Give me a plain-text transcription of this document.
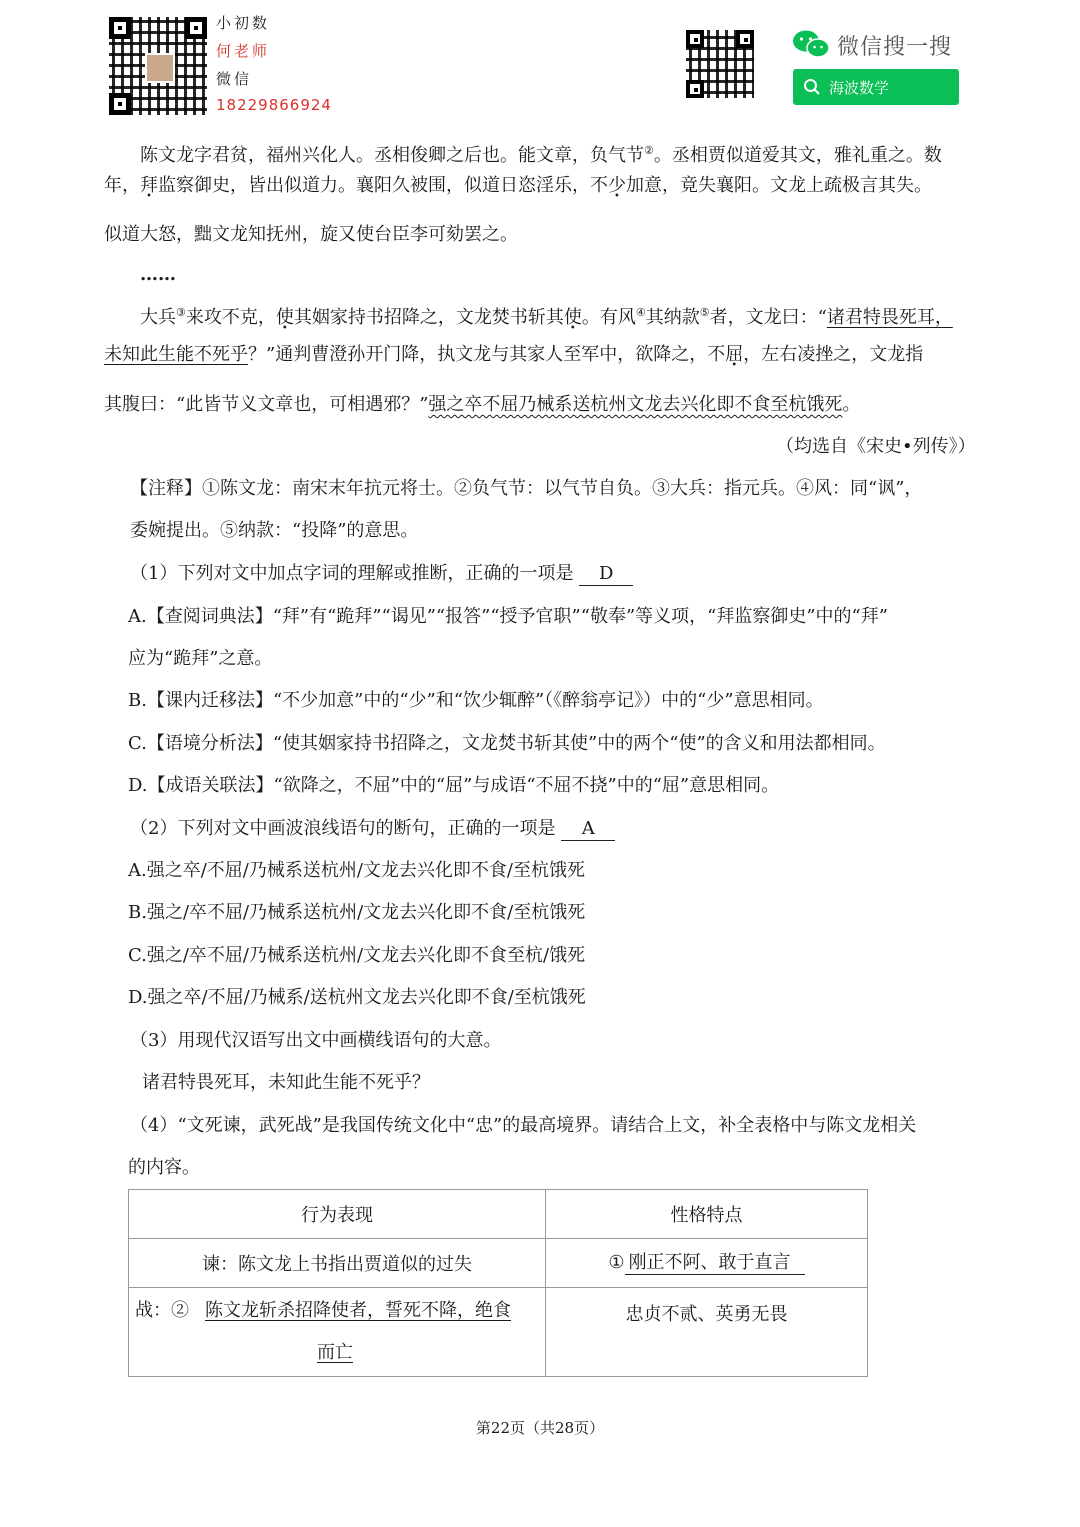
小初数
何老师
微信
18229866924
微信搜一搜
海波数学
陈文龙字君贫，福州兴化人。丞相俊卿之后也。能文章，负气节②。丞相贾似道爱其文，雅礼重之。数
年，拜监察御史，皆出似道力。襄阳久被围，似道日恣淫乐，不少加意，竟失襄阳。文龙上疏极言其失。
似道大怒，黜文龙知抚州，旋又使台臣李可劾罢之。
……
大兵③来攻不克，使其姻家持书招降之，文龙焚书斩其使。有风④其纳款⑤者，文龙曰：“诸君特畏死耳，
未知此生能不死乎？”通判曹澄孙开门降，执文龙与其家人至军中，欲降之，不屈，左右凌挫之，文龙指
其腹曰：“此皆节义文章也，可相遇邪？”强之卒不屈乃械系送杭州文龙去兴化即不食至杭饿死。
（均选自《宋史•列传》）
【注释】①陈文龙：南宋末年抗元将士。②负气节：以气节自负。③大兵：指元兵。④风：同“讽”，
委婉提出。⑤纳款：“投降”的意思。
（1）下列对文中加点字词的理解或推断，正确的一项是 D
A.【查阅词典法】“拜”有“跪拜”“谒见”“报答”“授予官职”“敬奉”等义项，“拜监察御史”中的“拜”
应为“跪拜”之意。
B.【课内迁移法】“不少加意”中的“少”和“饮少辄醉”（《醉翁亭记》）中的“少”意思相同。
C.【语境分析法】“使其姻家持书招降之，文龙焚书斩其使”中的两个“使”的含义和用法都相同。
D.【成语关联法】“欲降之，不屈”中的“屈”与成语“不屈不挠”中的“屈”意思相同。
（2）下列对文中画波浪线语句的断句，正确的一项是 A
A.强之卒/不屈/乃械系送杭州/文龙去兴化即不食/至杭饿死
B.强之/卒不屈/乃械系送杭州/文龙去兴化即不食/至杭饿死
C.强之/卒不屈/乃械系送杭州/文龙去兴化即不食至杭/饿死
D.强之卒/不屈/乃械系/送杭州文龙去兴化即不食/至杭饿死
（3）用现代汉语写出文中画横线语句的大意。
诸君特畏死耳，未知此生能不死乎？
（4）“文死谏，武死战”是我国传统文化中“忠”的最高境界。请结合上文，补全表格中与陈文龙相关
的内容。
行为表现	性格特点
谏：陈文龙上书指出贾道似的过失	① 刚正不阿、敢于直言
战：② 陈文龙斩杀招降使者，誓死不降，绝食
而亡	忠贞不贰、英勇无畏
第22页（共28页）
